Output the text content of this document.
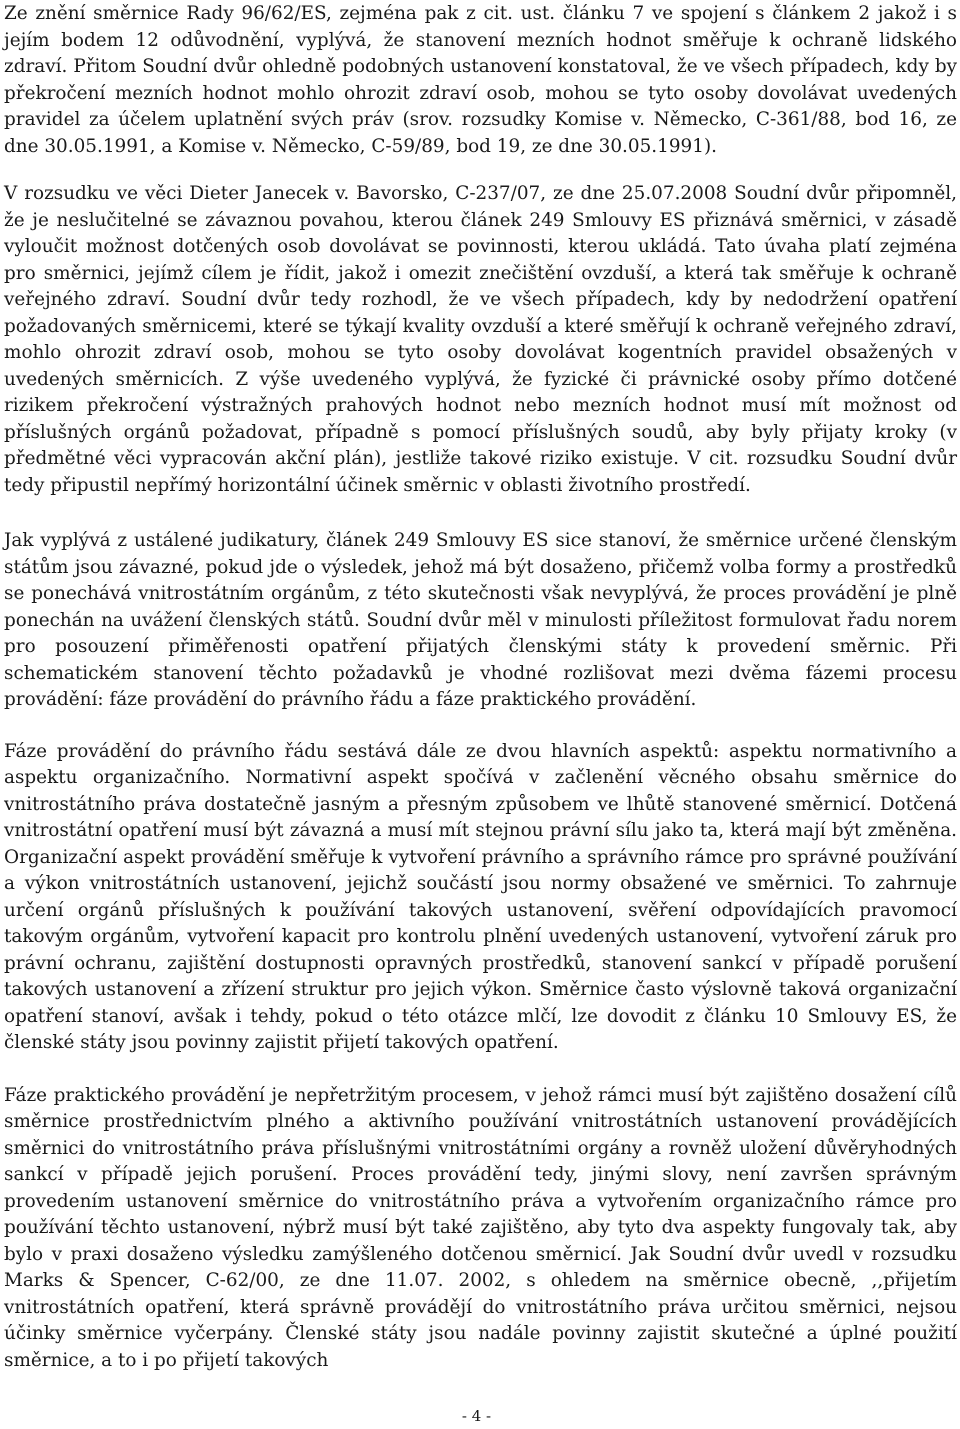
Ze znění směrnice Rady 96/62/ES, zejména pak z cit. ust. článku 7 ve spojení s článkem 2 jakož i s jejím bodem 12 odůvodnění, vyplývá, že stanovení mezních hodnot směřuje k ochraně lidského zdraví. Přitom Soudní dvůr ohledně podobných ustanovení konstatoval, že ve všech případech, kdy by překročení mezních hodnot mohlo ohrozit zdraví osob, mohou se tyto osoby dovolávat uvedených pravidel za účelem uplatnění svých práv (srov. rozsudky Komise v. Německo, C-361/88, bod 16, ze dne 30.05.1991, a Komise v. Německo, C-59/89, bod 19, ze dne 30.05.1991).

V rozsudku ve věci Dieter Janecek v. Bavorsko, C-237/07, ze dne 25.07.2008 Soudní dvůr připomněl, že je neslučitelné se závaznou povahou, kterou článek 249 Smlouvy ES přiznává směrnici, v zásadě vyloučit možnost dotčených osob dovolávat se povinnosti, kterou ukládá. Tato úvaha platí zejména pro směrnici, jejímž cílem je řídit, jakož i omezit znečištění ovzduší, a která tak směřuje k ochraně veřejného zdraví. Soudní dvůr tedy rozhodl, že ve všech případech, kdy by nedodržení opatření požadovaných směrnicemi, které se týkají kvality ovzduší a které směřují k ochraně veřejného zdraví, mohlo ohrozit zdraví osob, mohou se tyto osoby dovolávat kogentních pravidel obsažených v uvedených směrnicích. Z výše uvedeného vyplývá, že fyzické či právnické osoby přímo dotčené rizikem překročení výstražných prahových hodnot nebo mezních hodnot musí mít možnost od příslušných orgánů požadovat, případně s pomocí příslušných soudů, aby byly přijaty kroky (v předmětné věci vypracován akční plán), jestliže takové riziko existuje. V cit. rozsudku Soudní dvůr tedy připustil nepřímý horizontální účinek směrnic v oblasti životního prostředí.

Jak vyplývá z ustálené judikatury, článek 249 Smlouvy ES sice stanoví, že směrnice určené členským státům jsou závazné, pokud jde o výsledek, jehož má být dosaženo, přičemž volba formy a prostředků se ponechává vnitrostátním orgánům, z této skutečnosti však nevyplývá, že proces provádění je plně ponechán na uvážení členských států. Soudní dvůr měl v minulosti příležitost formulovat řadu norem pro posouzení přiměřenosti opatření přijatých členskými státy k provedení směrnic. Při schematickém stanovení těchto požadavků je vhodné rozlišovat mezi dvěma fázemi procesu provádění: fáze provádění do právního řádu a fáze praktického provádění.

Fáze provádění do právního řádu sestává dále ze dvou hlavních aspektů: aspektu normativního a aspektu organizačního. Normativní aspekt spočívá v začlenění věcného obsahu směrnice do vnitrostátního práva dostatečně jasným a přesným způsobem ve lhůtě stanovené směrnicí. Dotčená vnitrostátní opatření musí být závazná a musí mít stejnou právní sílu jako ta, která mají být změněna. Organizační aspekt provádění směřuje k vytvoření právního a správního rámce pro správné používání a výkon vnitrostátních ustanovení, jejichž součástí jsou normy obsažené ve směrnici. To zahrnuje určení orgánů příslušných k používání takových ustanovení, svěření odpovídajících pravomocí takovým orgánům, vytvoření kapacit pro kontrolu plnění uvedených ustanovení, vytvoření záruk pro právní ochranu, zajištění dostupnosti opravných prostředků, stanovení sankcí v případě porušení takových ustanovení a zřízení struktur pro jejich výkon. Směrnice často výslovně taková organizační opatření stanoví, avšak i tehdy, pokud o této otázce mlčí, lze dovodit z článku 10 Smlouvy ES, že členské státy jsou povinny zajistit přijetí takových opatření.

Fáze praktického provádění je nepřetržitým procesem, v jehož rámci musí být zajištěno dosažení cílů směrnice prostřednictvím plného a aktivního používání vnitrostátních ustanovení provádějících směrnici do vnitrostátního práva příslušnými vnitrostátními orgány a rovněž uložení důvěryhodných sankcí v případě jejich porušení. Proces provádění tedy, jinými slovy, není završen správným provedením ustanovení směrnice do vnitrostátního práva a vytvořením organizačního rámce pro používání těchto ustanovení, nýbrž musí být také zajištěno, aby tyto dva aspekty fungovaly tak, aby bylo v praxi dosaženo výsledku zamýšleného dotčenou směrnicí. Jak Soudní dvůr uvedl v rozsudku Marks & Spencer, C-62/00, ze dne 11.07. 2002, s ohledem na směrnice obecně, ,,přijetím vnitrostátních opatření, která správně provádějí do vnitrostátního práva určitou směrnici, nejsou účinky směrnice vyčerpány. Členské státy jsou nadále povinny zajistit skutečné a úplné použití směrnice, a to i po přijetí takových

- 4 -
